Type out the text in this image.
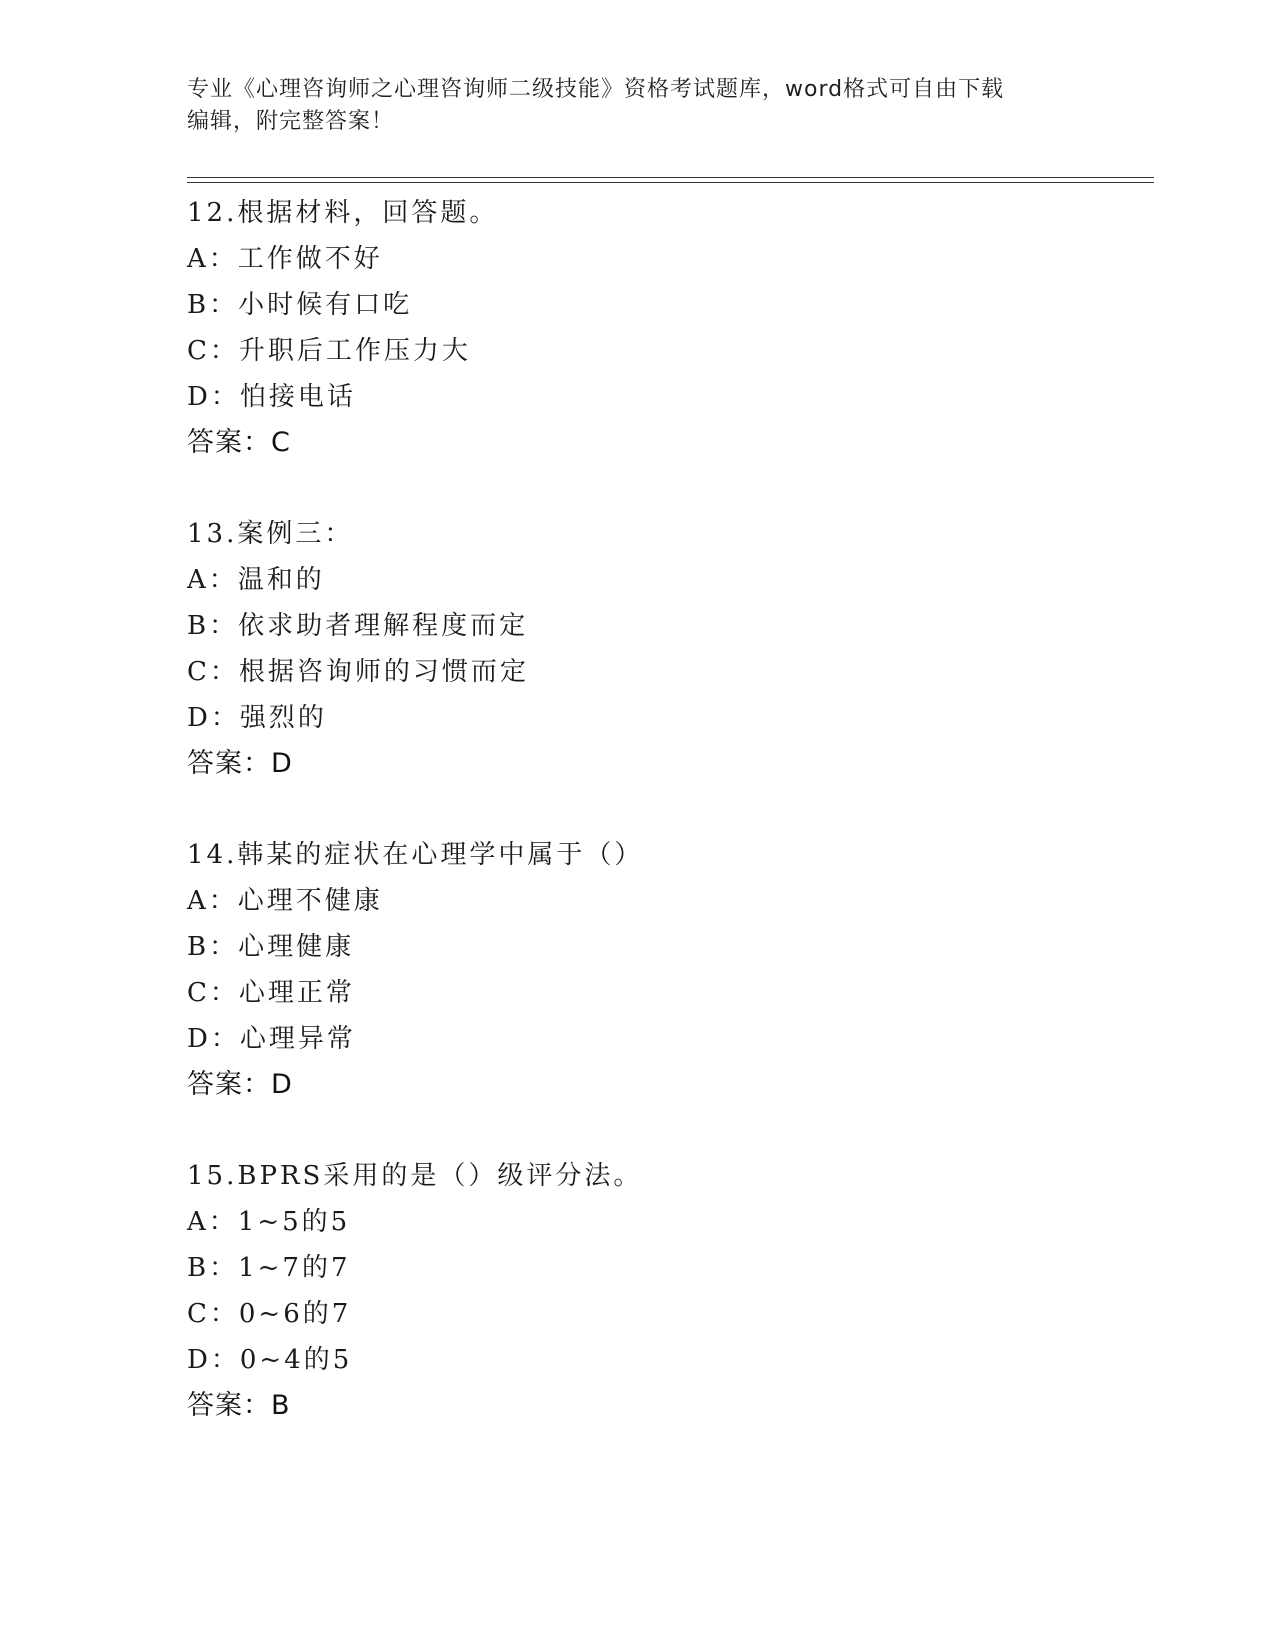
专业《心理咨询师之心理咨询师二级技能》资格考试题库，word格式可自由下载
编辑，附完整答案！
12.根据材料，回答题。
A：工作做不好
B：小时候有口吃
C：升职后工作压力大
D：怕接电话
答案：C
13.案例三：
A：温和的
B：依求助者理解程度而定
C：根据咨询师的习惯而定
D：强烈的
答案：D
14.韩某的症状在心理学中属于（）
A：心理不健康
B：心理健康
C：心理正常
D：心理异常
答案：D
15.BPRS采用的是（）级评分法。
A：1~5的5
B：1~7的7
C：0~6的7
D：0~4的5
答案：B
